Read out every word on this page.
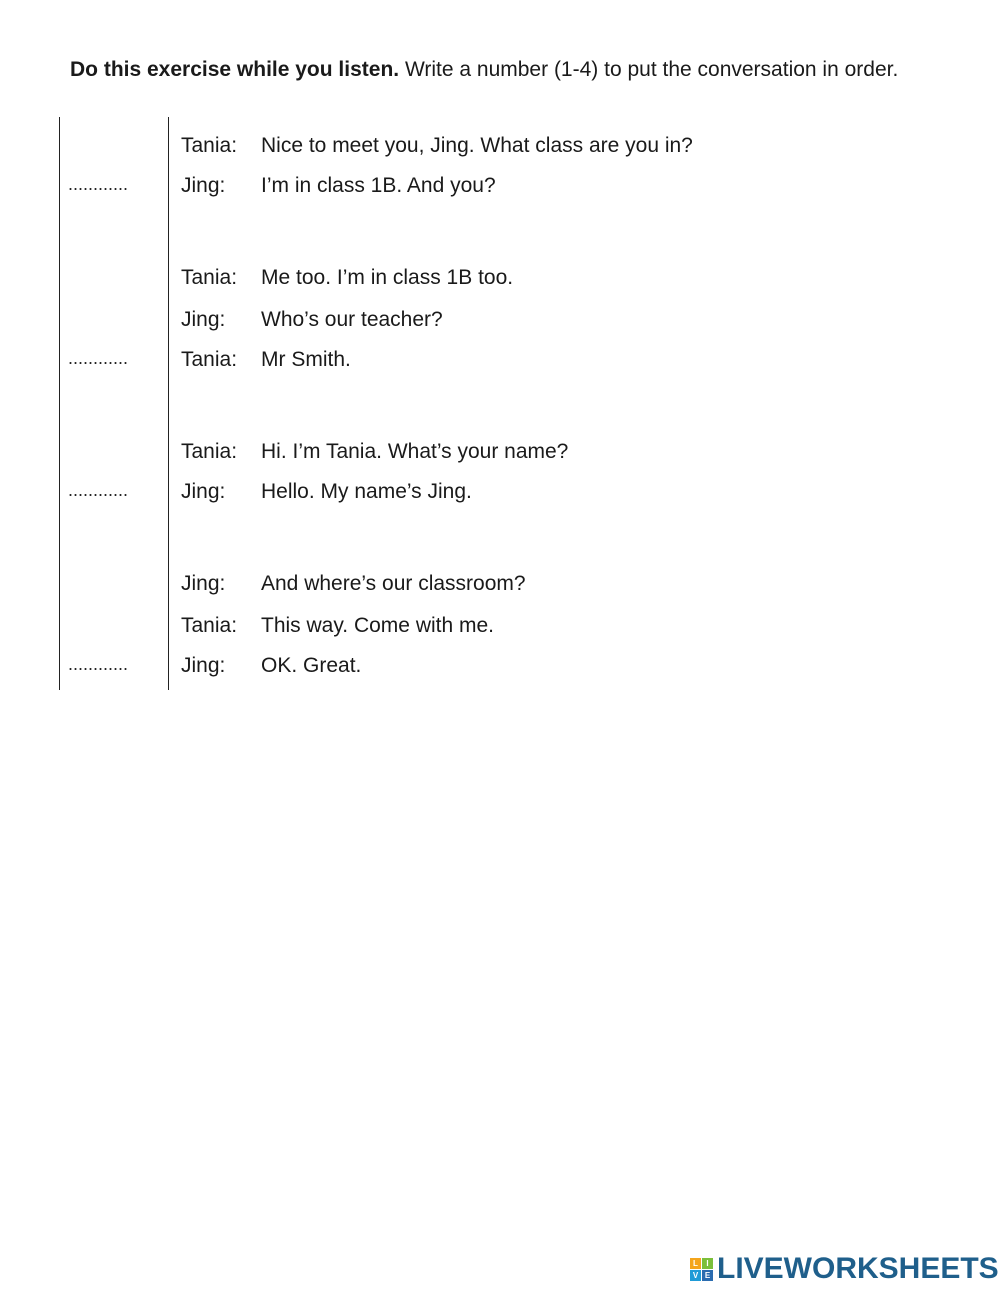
Do this exercise while you listen. Write a number (1-4) to put the conversation in order.
Tania: Nice to meet you, Jing. What class are you in?
............	Jing: I’m in class 1B. And you?
Tania: Me too. I’m in class 1B too.
Jing: Who’s our teacher?
............	Tania: Mr Smith.
Tania: Hi. I’m Tania. What’s your name?
............	Jing: Hello. My name’s Jing.
Jing: And where’s our classroom?
Tania: This way. Come with me.
............	Jing: OK. Great.
L	I
V E LIVEWORKSHEETS
